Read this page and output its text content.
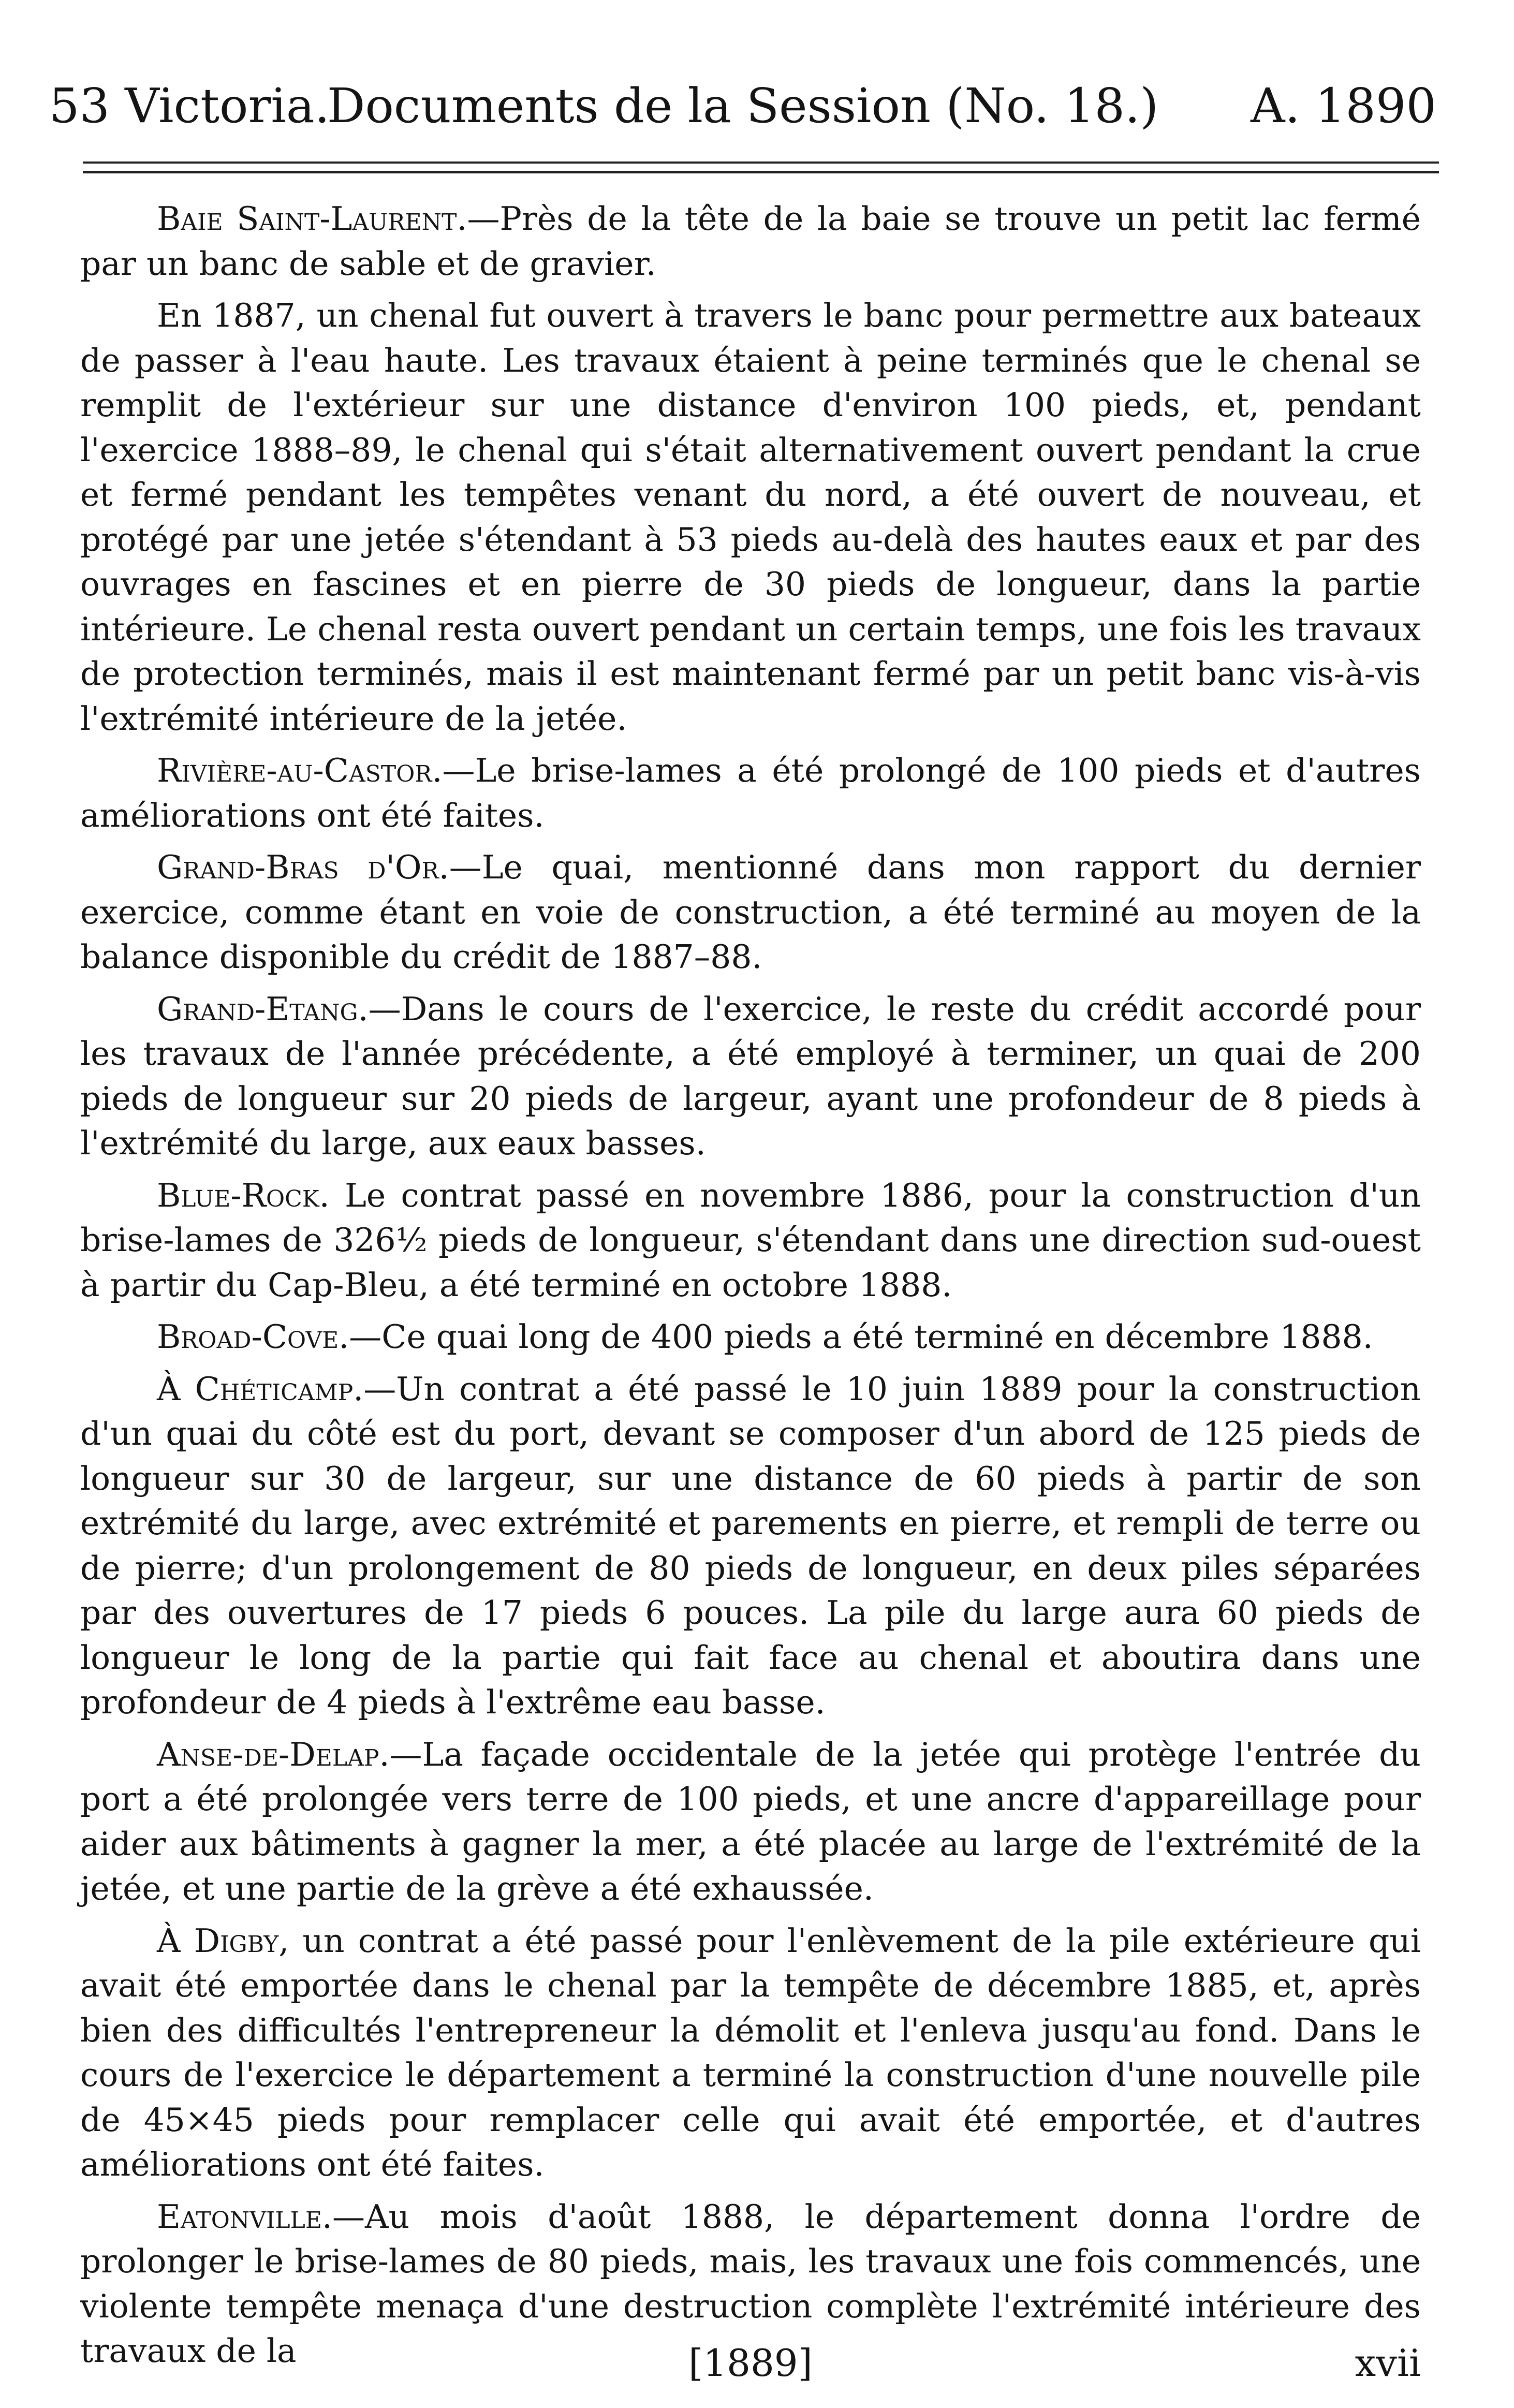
53 Victoria.
Documents de la Session (No. 18.)	A. 1890

Baie Saint-Laurent.—Près de la tête de la baie se trouve un petit lac fermé par un banc de sable et de gravier.

En 1887, un chenal fut ouvert à travers le banc pour permettre aux bateaux de passer à l'eau haute. Les travaux étaient à peine terminés que le chenal se remplit de l'extérieur sur une distance d'environ 100 pieds, et, pendant l'exercice 1888–89, le chenal qui s'était alternativement ouvert pendant la crue et fermé pendant les tempêtes venant du nord, a été ouvert de nouveau, et protégé par une jetée s'étendant à 53 pieds au-delà des hautes eaux et par des ouvrages en fascines et en pierre de 30 pieds de longueur, dans la partie intérieure. Le chenal resta ouvert pendant un certain temps, une fois les travaux de protection terminés, mais il est maintenant fermé par un petit banc vis-à-vis l'extrémité intérieure de la jetée.

Rivière-au-Castor.—Le brise-lames a été prolongé de 100 pieds et d'autres améliorations ont été faites.

Grand-Bras d'Or.—Le quai, mentionné dans mon rapport du dernier exercice, comme étant en voie de construction, a été terminé au moyen de la balance disponible du crédit de 1887–88.

Grand-Etang.—Dans le cours de l'exercice, le reste du crédit accordé pour les travaux de l'année précédente, a été employé à terminer, un quai de 200 pieds de longueur sur 20 pieds de largeur, ayant une profondeur de 8 pieds à l'extrémité du large, aux eaux basses.

Blue-Rock. Le contrat passé en novembre 1886, pour la construction d'un brise-lames de 326½ pieds de longueur, s'étendant dans une direction sud-ouest à partir du Cap-Bleu, a été terminé en octobre 1888.

Broad-Cove.—Ce quai long de 400 pieds a été terminé en décembre 1888.

À Chéticamp.—Un contrat a été passé le 10 juin 1889 pour la construction d'un quai du côté est du port, devant se composer d'un abord de 125 pieds de longueur sur 30 de largeur, sur une distance de 60 pieds à partir de son extrémité du large, avec extrémité et parements en pierre, et rempli de terre ou de pierre; d'un prolongement de 80 pieds de longueur, en deux piles séparées par des ouvertures de 17 pieds 6 pouces. La pile du large aura 60 pieds de longueur le long de la partie qui fait face au chenal et aboutira dans une profondeur de 4 pieds à l'extrême eau basse.

Anse-de-Delap.—La façade occidentale de la jetée qui protège l'entrée du port a été prolongée vers terre de 100 pieds, et une ancre d'appareillage pour aider aux bâtiments à gagner la mer, a été placée au large de l'extrémité de la jetée, et une partie de la grève a été exhaussée.

À Digby, un contrat a été passé pour l'enlèvement de la pile extérieure qui avait été emportée dans le chenal par la tempête de décembre 1885, et, après bien des difficultés l'entrepreneur la démolit et l'enleva jusqu'au fond. Dans le cours de l'exercice le département a terminé la construction d'une nouvelle pile de 45×45 pieds pour remplacer celle qui avait été emportée, et d'autres améliorations ont été faites.

Eatonville.—Au mois d'août 1888, le département donna l'ordre de prolonger le brise-lames de 80 pieds, mais, les travaux une fois commencés, une violente tempête menaça d'une destruction complète l'extrémité intérieure des travaux de la	[1889]	xvii
